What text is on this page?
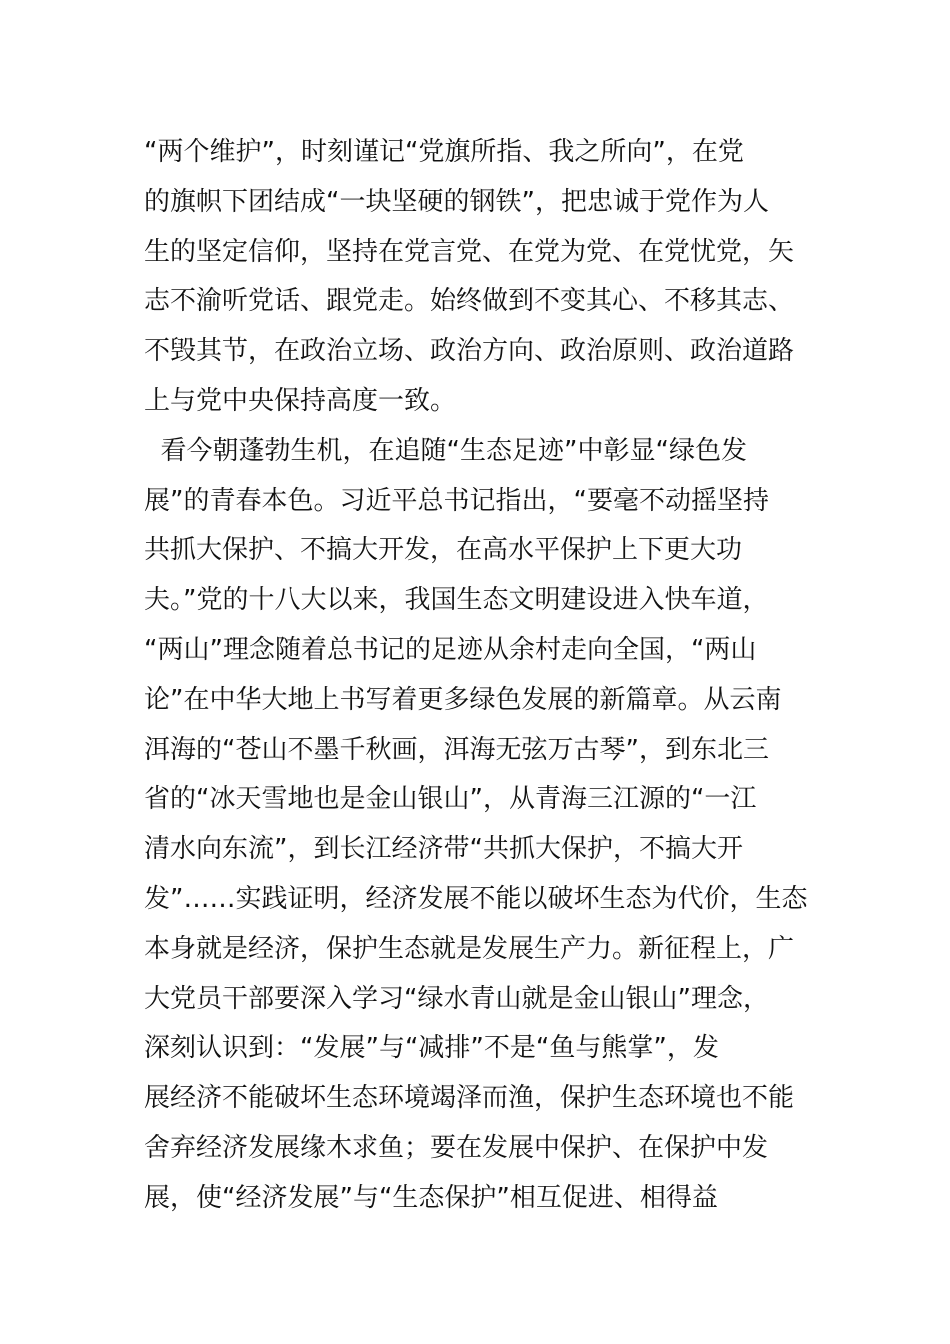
“两个维护”，时刻谨记“党旗所指、我之所向”，在党
的旗帜下团结成“一块坚硬的钢铁”，把忠诚于党作为人
生的坚定信仰，坚持在党言党、在党为党、在党忧党，矢
志不渝听党话、跟党走。始终做到不变其心、不移其志、
不毁其节，在政治立场、政治方向、政治原则、政治道路
上与党中央保持高度一致。
看今朝蓬勃生机，在追随“生态足迹”中彰显“绿色发
展”的青春本色。习近平总书记指出，“要毫不动摇坚持
共抓大保护、不搞大开发，在高水平保护上下更大功
夫。”党的十八大以来，我国生态文明建设进入快车道，
“两山”理念随着总书记的足迹从余村走向全国，“两山
论”在中华大地上书写着更多绿色发展的新篇章。从云南
洱海的“苍山不墨千秋画，洱海无弦万古琴”，到东北三
省的“冰天雪地也是金山银山”，从青海三江源的“一江
清水向东流”，到长江经济带“共抓大保护，不搞大开
发”……实践证明，经济发展不能以破坏生态为代价，生态
本身就是经济，保护生态就是发展生产力。新征程上，广
大党员干部要深入学习“绿水青山就是金山银山”理念，
深刻认识到：“发展”与“减排”不是“鱼与熊掌”，发
展经济不能破坏生态环境竭泽而渔，保护生态环境也不能
舍弃经济发展缘木求鱼；要在发展中保护、在保护中发
展，使“经济发展”与“生态保护”相互促进、相得益
